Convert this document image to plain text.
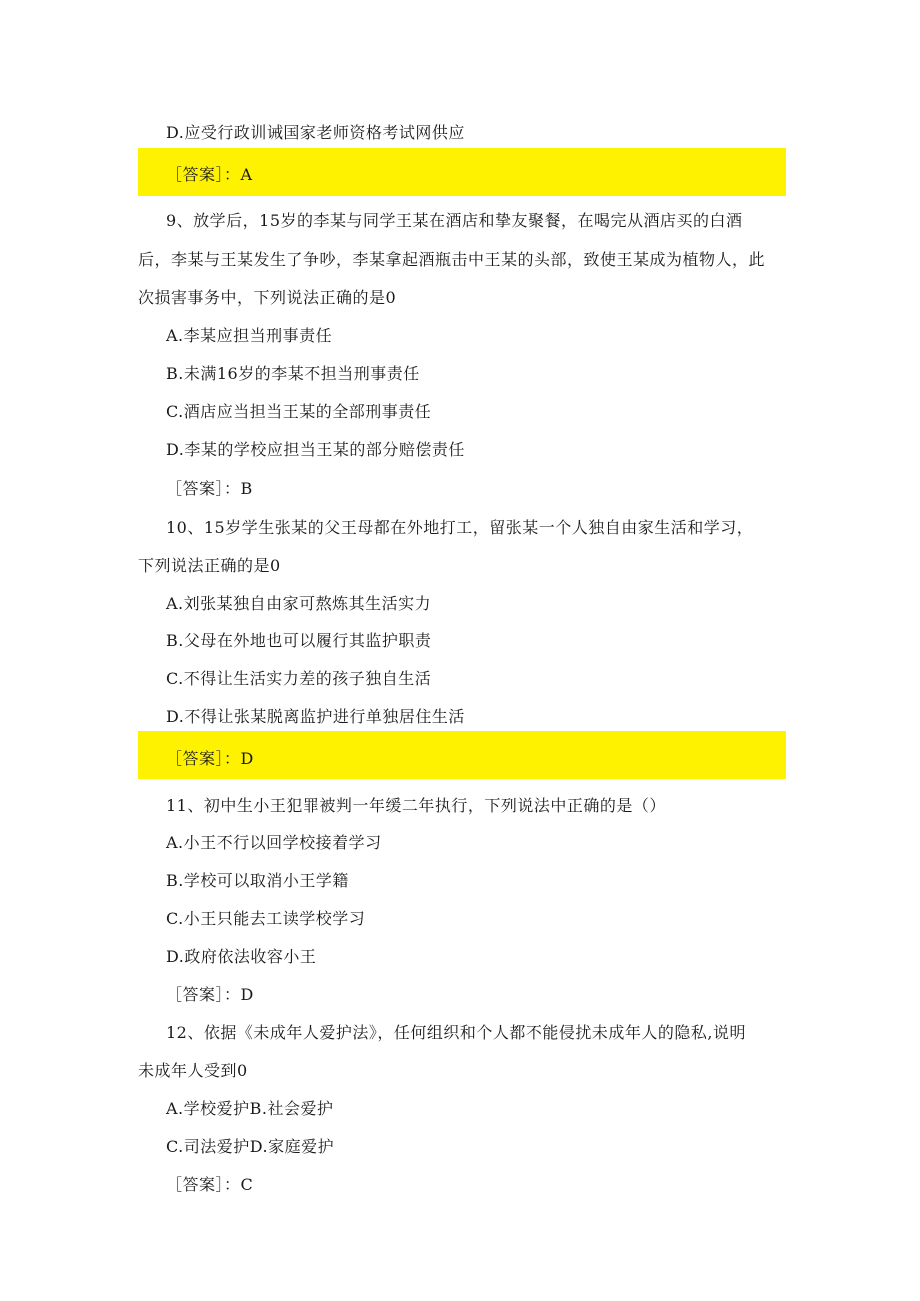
D.应受行政训诫国家老师资格考试网供应
［答案］：A
9、放学后，15岁的李某与同学王某在酒店和挚友聚餐，在喝完从酒店买的白酒
后，李某与王某发生了争吵，李某拿起酒瓶击中王某的头部，致使王某成为植物人，此
次损害事务中，下列说法正确的是0
A.李某应担当刑事责任
B.未满16岁的李某不担当刑事责任
C.酒店应当担当王某的全部刑事责任
D.李某的学校应担当王某的部分赔偿责任
［答案］：B
10、15岁学生张某的父王母都在外地打工，留张某一个人独自由家生活和学习，
下列说法正确的是0
A.刘张某独自由家可熬炼其生活实力
B.父母在外地也可以履行其监护职责
C.不得让生活实力差的孩子独自生活
D.不得让张某脱离监护进行单独居住生活
［答案］：D
11、初中生小王犯罪被判一年缓二年执行，下列说法中正确的是（）
A.小王不行以回学校接着学习
B.学校可以取消小王学籍
C.小王只能去工读学校学习
D.政府依法收容小王
［答案］：D
12、依据《未成年人爱护法》，任何组织和个人都不能侵扰未成年人的隐私,说明
未成年人受到0
A.学校爱护B.社会爱护
C.司法爱护D.家庭爱护
［答案］：C
